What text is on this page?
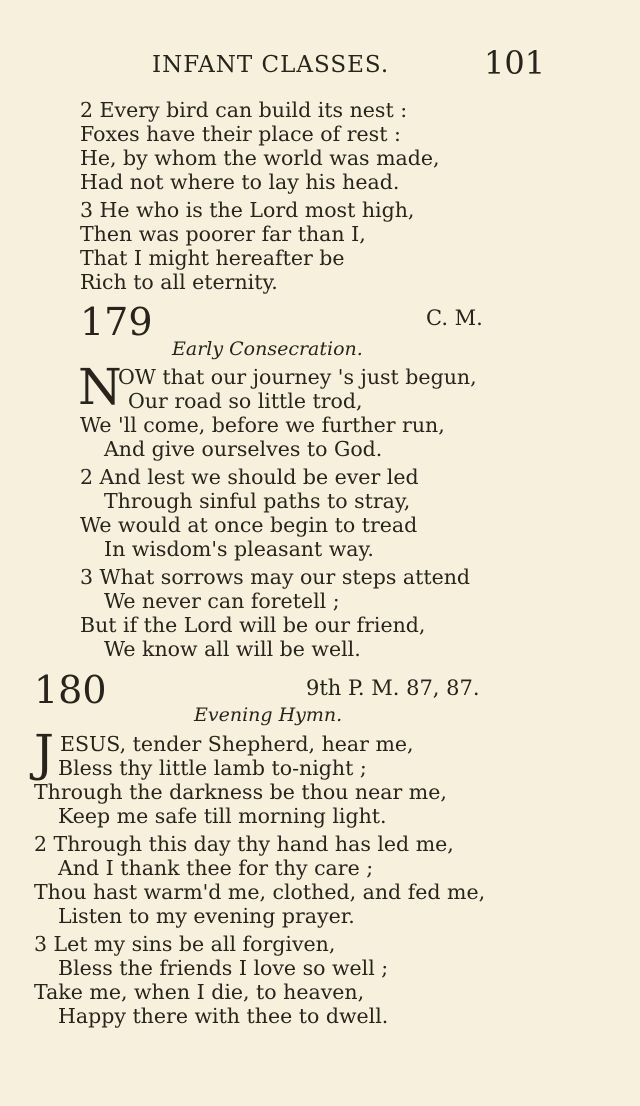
INFANT CLASSES.	101
2 Every bird can build its nest :
Foxes have their place of rest :
He, by whom the world was made,
Had not where to lay his head.
3 He who is the Lord most high,
Then was poorer far than I,
That I might hereafter be
Rich to all eternity.
179	C. M.
Early Consecration.
N
OW that our journey 's just begun,
Our road so little trod,
We 'll come, before we further run,
And give ourselves to God.
2 And lest we should be ever led
Through sinful paths to stray,
We would at once begin to tread
In wisdom's pleasant way.
3 What sorrows may our steps attend
We never can foretell ;
But if the Lord will be our friend,
We know all will be well.
180	9th P. M. 87, 87.
Evening Hymn.
J ESUS, tender Shepherd, hear me,
Bless thy little lamb to-night ;
Through the darkness be thou near me,
Keep me safe till morning light.
2 Through this day thy hand has led me,
And I thank thee for thy care ;
Thou hast warm'd me, clothed, and fed me,
Listen to my evening prayer.
3 Let my sins be all forgiven,
Bless the friends I love so well ;
Take me, when I die, to heaven,
Happy there with thee to dwell.
